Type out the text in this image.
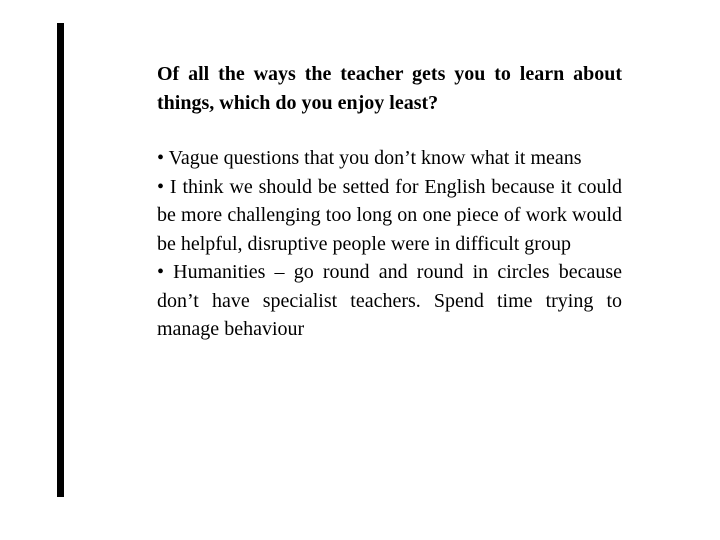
Of all the ways the teacher gets you to learn about things, which do you enjoy least?

• Vague questions that you don’t know what it means

• I think we should be setted for English because it could be more challenging too long on one piece of work would be helpful, disruptive people were in difficult group

• Humanities – go round and round in circles because don’t have specialist teachers. Spend time trying to manage behaviour
